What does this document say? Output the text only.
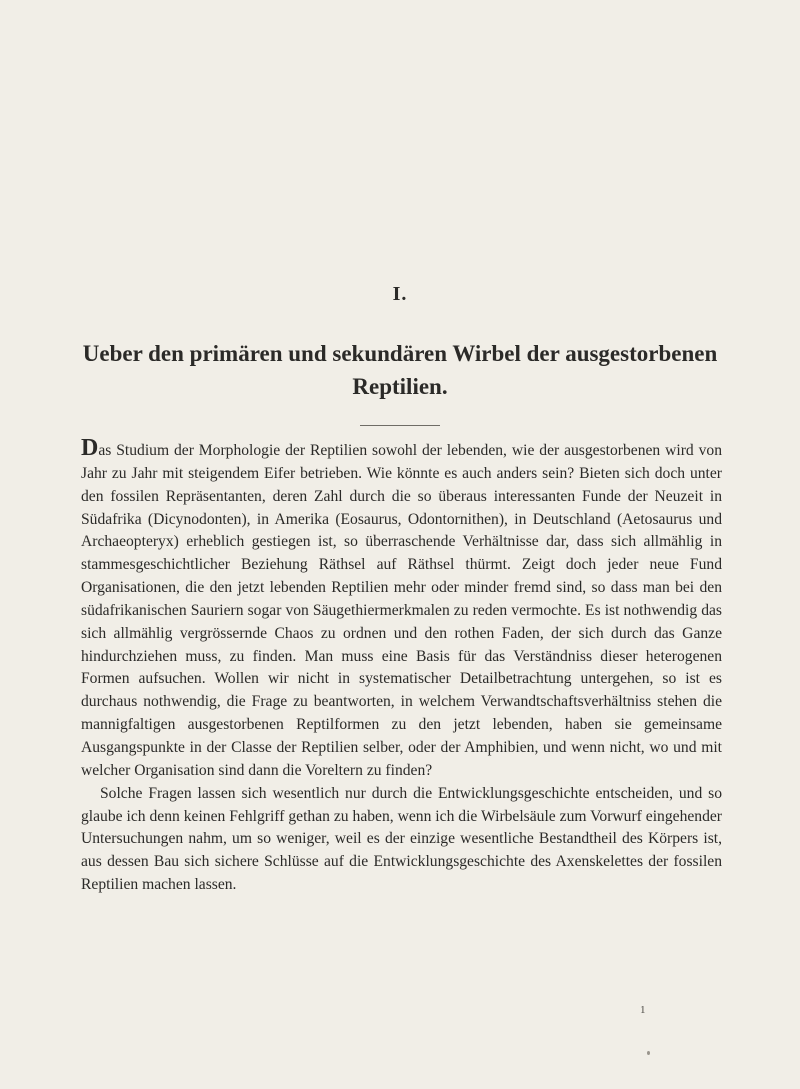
I.
Ueber den primären und sekundären Wirbel der ausgestorbenen
Reptilien.

Das Studium der Morphologie der Reptilien sowohl der lebenden, wie der ausgestorbenen wird von Jahr zu Jahr mit steigendem Eifer betrieben. Wie könnte es auch anders sein? Bieten sich doch unter den fossilen Repräsentanten, deren Zahl durch die so überaus interessanten Funde der Neuzeit in Südafrika (Dicynodonten), in Amerika (Eosaurus, Odontornithen), in Deutschland (Aetosaurus und Archaeopteryx) erheblich gestiegen ist, so überraschende Verhältnisse dar, dass sich allmählig in stammesgeschichtlicher Beziehung Räthsel auf Räthsel thürmt. Zeigt doch jeder neue Fund Organisationen, die den jetzt lebenden Reptilien mehr oder minder fremd sind, so dass man bei den südafrikanischen Sauriern sogar von Säugethiermerkmalen zu reden vermochte. Es ist nothwendig das sich allmählig vergrössernde Chaos zu ordnen und den rothen Faden, der sich durch das Ganze hindurchziehen muss, zu finden. Man muss eine Basis für das Verständniss dieser heterogenen Formen aufsuchen. Wollen wir nicht in systematischer Detailbetrachtung untergehen, so ist es durchaus nothwendig, die Frage zu beantworten, in welchem Verwandtschaftsverhältniss stehen die mannigfaltigen ausgestorbenen Reptilformen zu den jetzt lebenden, haben sie gemeinsame Ausgangspunkte in der Classe der Reptilien selber, oder der Amphibien, und wenn nicht, wo und mit welcher Organisation sind dann die Voreltern zu finden?

Solche Fragen lassen sich wesentlich nur durch die Entwicklungsgeschichte entscheiden, und so glaube ich denn keinen Fehlgriff gethan zu haben, wenn ich die Wirbelsäule zum Vorwurf eingehender Untersuchungen nahm, um so weniger, weil es der einzige wesentliche Bestandtheil des Körpers ist, aus dessen Bau sich sichere Schlüsse auf die Entwicklungsgeschichte des Axenskelettes der fossilen Reptilien machen lassen.

1
